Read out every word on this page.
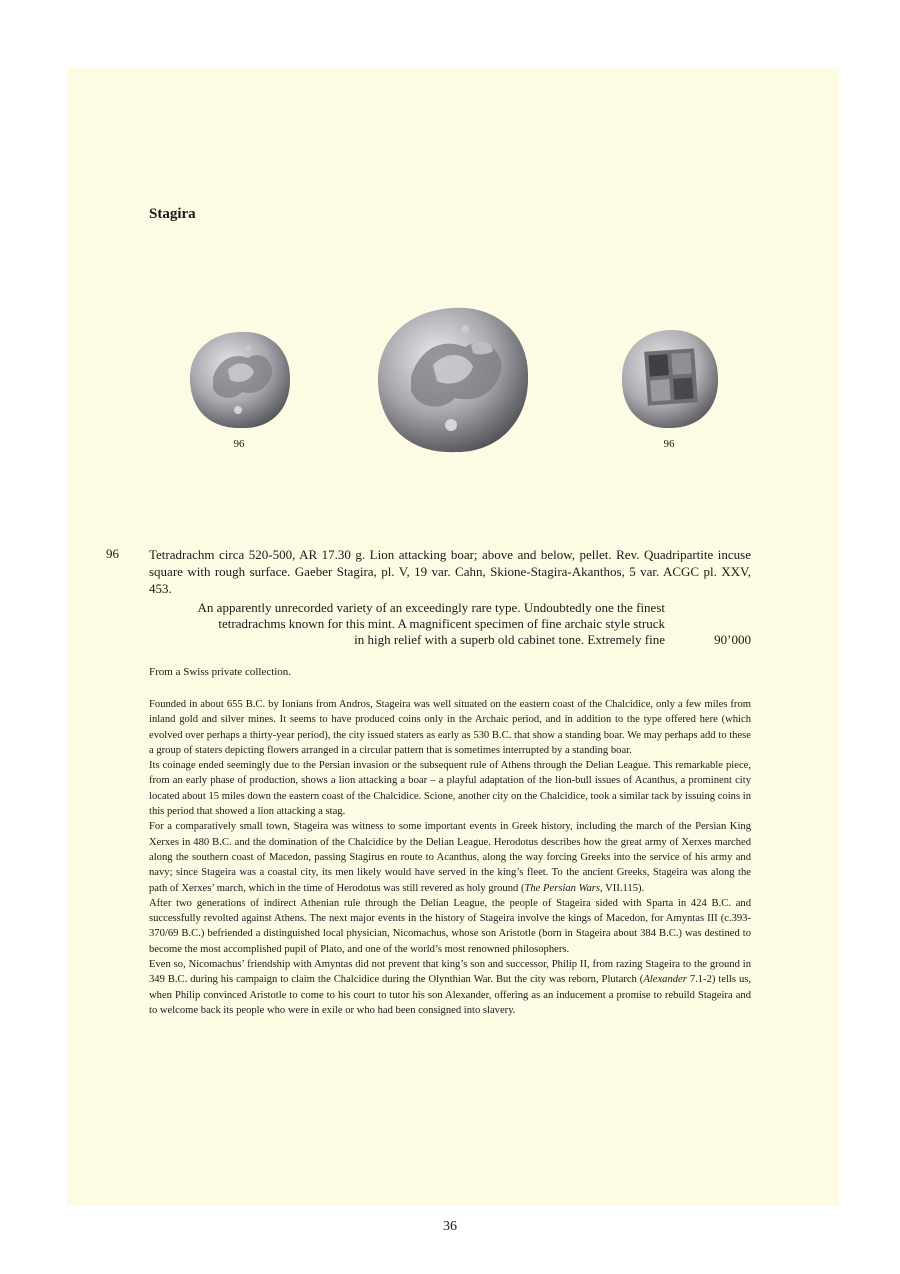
Stagira
96	96
96 Tetradrachm circa 520-500, AR 17.30 g. Lion attacking boar; above and below, pellet. Rev. Quadripartite incuse square with rough surface. Gaeber Stagira, pl. V, 19 var. Cahn, Skione-Stagira-Akanthos, 5 var. ACGC pl. XXV, 453.
An apparently unrecorded variety of an exceedingly rare type. Undoubtedly one the finest
tetradrachms known for this mint. A magnificent specimen of fine archaic style struck
in high relief with a superb old cabinet tone. Extremely fine	90’000
From a Swiss private collection.

Founded in about 655 B.C. by Ionians from Andros, Stageira was well situated on the eastern coast of the Chalcidice, only a few miles from inland gold and silver mines. It seems to have produced coins only in the Archaic period, and in addition to the type offered here (which evolved over perhaps a thirty-year period), the city issued staters as early as 530 B.C. that show a standing boar. We may perhaps add to these a group of staters depicting flowers arranged in a circular pattern that is sometimes interrupted by a standing boar.

Its coinage ended seemingly due to the Persian invasion or the subsequent rule of Athens through the Delian League. This remarkable piece, from an early phase of production, shows a lion attacking a boar – a playful adaptation of the lion-bull issues of Acanthus, a prominent city located about 15 miles down the eastern coast of the Chalcidice. Scione, another city on the Chalcidice, took a similar tack by issuing coins in this period that showed a lion attacking a stag.

For a comparatively small town, Stageira was witness to some important events in Greek history, including the march of the Persian King Xerxes in 480 B.C. and the domination of the Chalcidice by the Delian League. Herodotus describes how the great army of Xerxes marched along the southern coast of Macedon, passing Stagirus en route to Acanthus, along the way forcing Greeks into the service of his army and navy; since Stageira was a coastal city, its men likely would have served in the king’s fleet. To the ancient Greeks, Stageira was along the path of Xerxes’ march, which in the time of Herodotus was still revered as holy ground (The Persian Wars, VII.115).

After two generations of indirect Athenian rule through the Delian League, the people of Stageira sided with Sparta in 424 B.C. and successfully revolted against Athens. The next major events in the history of Stageira involve the kings of Macedon, for Amyntas III (c.393-370/69 B.C.) befriended a distinguished local physician, Nicomachus, whose son Aristotle (born in Stageira about 384 B.C.) was destined to become the most accomplished pupil of Plato, and one of the world’s most renowned philosophers.

Even so, Nicomachus’ friendship with Amyntas did not prevent that king’s son and successor, Philip II, from razing Stageira to the ground in 349 B.C. during his campaign to claim the Chalcidice during the Olynthian War. But the city was reborn, Plutarch (Alexander 7.1-2) tells us, when Philip convinced Aristotle to come to his court to tutor his son Alexander, offering as an inducement a promise to rebuild Stageira and to welcome back its people who were in exile or who had been consigned into slavery.

36
